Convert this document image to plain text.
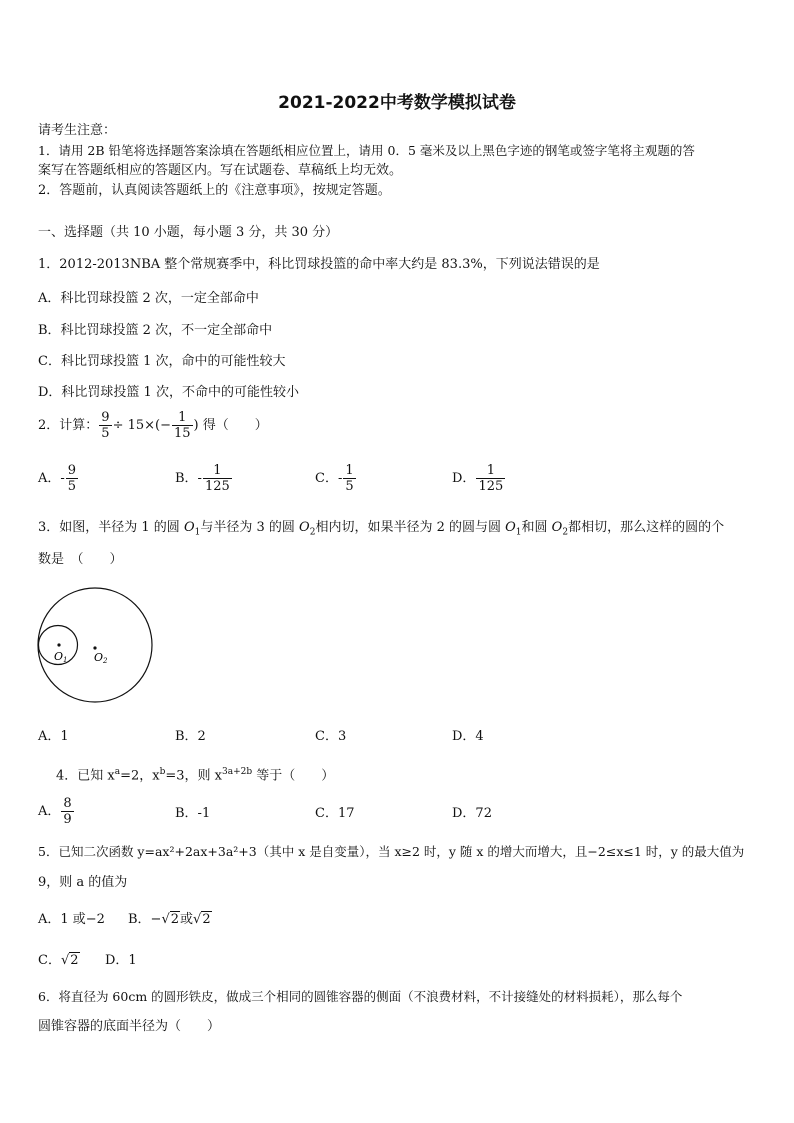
2021-2022中考数学模拟试卷
请考生注意：
1．请用 2B 铅笔将选择题答案涂填在答题纸相应位置上，请用 0．5 毫米及以上黑色字迹的钢笔或签字笔将主观题的答
案写在答题纸相应的答题区内。写在试题卷、草稿纸上均无效。
2．答题前，认真阅读答题纸上的《注意事项》，按规定答题。
一、选择题（共 10 小题，每小题 3 分，共 30 分）
1．2012-2013NBA 整个常规赛季中，科比罚球投篮的命中率大约是 83.3%，下列说法错误的是
A．科比罚球投篮 2 次，一定全部命中
B．科比罚球投篮 2 次，不一定全部命中
C．科比罚球投篮 1 次，命中的可能性较大
D．科比罚球投篮 1 次，不命中的可能性较小
2．计算： $\frac{9}{5} \div 15\times(- \frac{1}{15}$ ) 得（　　）
A．- $\frac{9}{5}$	B．- $\frac{1}{125}$	C．- $\frac{1}{5}$	D． $\frac{1}{125}$
3．如图，半径为 1 的圆 $O_1$与半径为 3 的圆 $O_2$相内切，如果半径为 2 的圆与圆 $O_1$和圆 $O_2$都相切，那么这样的圆的个
数是　（　　）
O1 O2
A．1	B．2	C．3	D．4
4．已知 $x^a=2$，$x^b=3$，则 $x^{3a+2b}$ 等于（　　）
A． $\frac{8}{9}$	B．-1	C．17	D．72
5．已知二次函数 y=ax²+2ax+3a²+3（其中 x 是自变量），当 x≥2 时，y 随 x 的增大而增大，且−2≤x≤1 时，y 的最大值为
9，则 a 的值为
A．1 或−2 B．−√2或√2
C．√2 D．1
6．将直径为 60cm 的圆形铁皮，做成三个相同的圆锥容器的侧面（不浪费材料，不计接缝处的材料损耗），那么每个
圆锥容器的底面半径为（　　）
